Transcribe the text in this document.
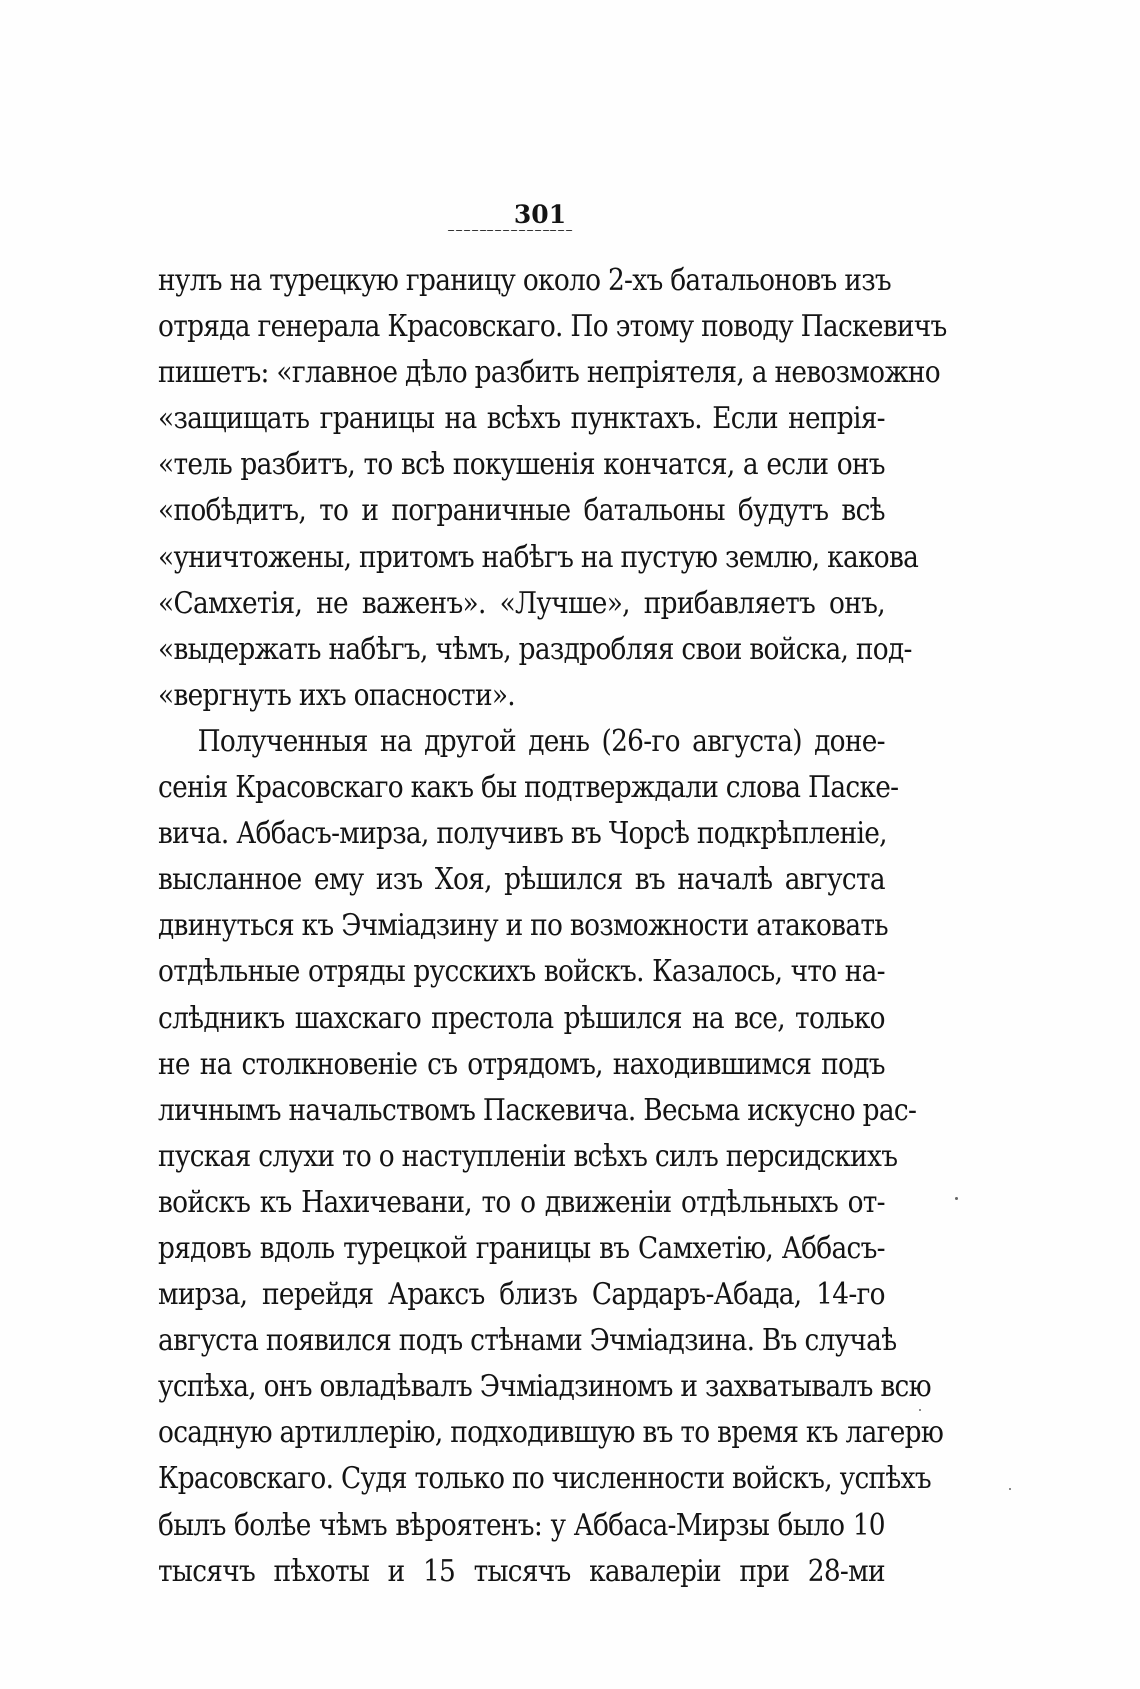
301
нулъ на турецкую границу около 2-хъ батальоновъ изъ
отряда генерала Красовскаго. По этому поводу Паскевичъ
пишетъ: «главное дѣло разбить непріятеля, а невозможно
«защищать границы на всѣхъ пунктахъ. Если непрія-
«тель разбитъ, то всѣ покушенія кончатся, а если онъ
«побѣдитъ, то и пограничные батальоны будутъ всѣ
«уничтожены, притомъ набѣгъ на пустую землю, какова
«Самхетія, не важенъ». «Лучше», прибавляетъ онъ,
«выдержать набѣгъ, чѣмъ, раздробляя свои войска, под-
«вергнуть ихъ опасности».
Полученныя на другой день (26-го августа) доне-
сенія Красовскаго какъ бы подтверждали слова Паске-
вича. Аббасъ-мирза, получивъ въ Чорсѣ подкрѣпленіе,
высланное ему изъ Хоя, рѣшился въ началѣ августа
двинуться къ Эчміадзину и по возможности атаковать
отдѣльные отряды русскихъ войскъ. Казалось, что на-
слѣдникъ шахскаго престола рѣшился на все, только
не на столкновеніе съ отрядомъ, находившимся подъ
личнымъ начальствомъ Паскевича. Весьма искусно рас-
пуская слухи то о наступленіи всѣхъ силъ персидскихъ
войскъ къ Нахичевани, то о движеніи отдѣльныхъ от-
рядовъ вдоль турецкой границы въ Самхетію, Аббасъ-
мирза, перейдя Араксъ близъ Сардаръ-Абада, 14-го
августа появился подъ стѣнами Эчміадзина. Въ случаѣ
успѣха, онъ овладѣвалъ Эчміадзиномъ и захватывалъ всю
осадную артиллерію, подходившую въ то время къ лагерю
Красовскаго. Судя только по численности войскъ, успѣхъ
былъ болѣе чѣмъ вѣроятенъ: у Аббаса-Мирзы было 10
тысячъ пѣхоты и 15 тысячъ кавалеріи при 28-ми
